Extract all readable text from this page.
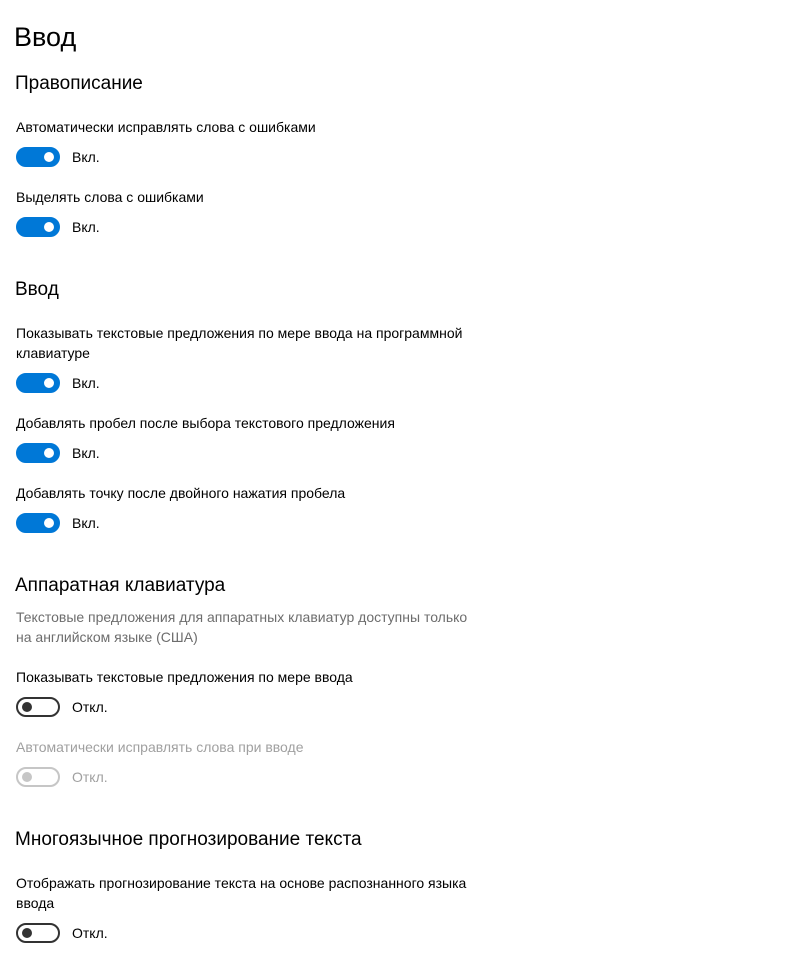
Ввод
Правописание
Автоматически исправлять слова с ошибками
Вкл.
Выделять слова с ошибками
Вкл.
Ввод
Показывать текстовые предложения по мере ввода на программной клавиатуре
Вкл.
Добавлять пробел после выбора текстового предложения
Вкл.
Добавлять точку после двойного нажатия пробела
Вкл.
Аппаратная клавиатура
Текстовые предложения для аппаратных клавиатур доступны только на английском языке (США)
Показывать текстовые предложения по мере ввода
Откл.
Автоматически исправлять слова при вводе
Откл.
Многоязычное прогнозирование текста
Отображать прогнозирование текста на основе распознанного языка ввода
Откл.
